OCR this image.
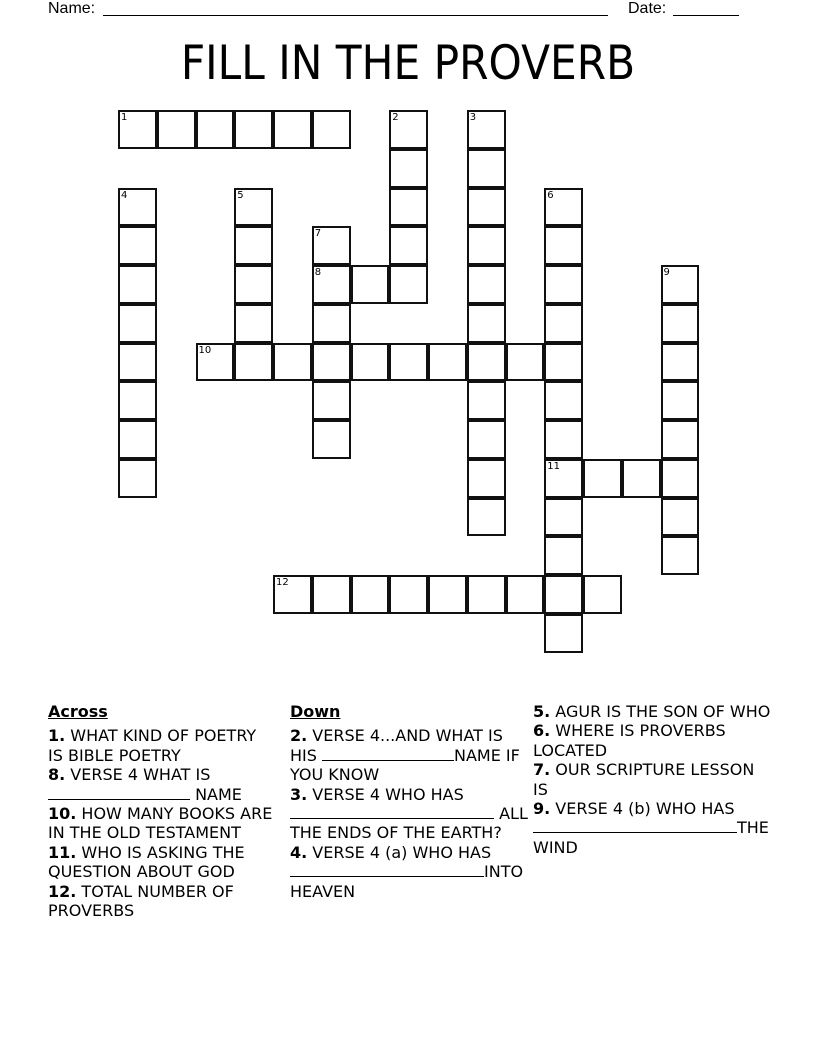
Name:	Date:
FILL IN THE PROVERB
1	2	3
4	5	6
11
7
8	9
10
12
Across
1. WHAT KIND OF POETRY IS BIBLE POETRY
8. VERSE 4 WHAT IS  NAME
10. HOW MANY BOOKS ARE IN THE OLD TESTAMENT
11. WHO IS ASKING THE QUESTION ABOUT GOD
12. TOTAL NUMBER OF PROVERBS
Down
2. VERSE 4...AND WHAT IS HIS	NAME IF YOU KNOW
3. VERSE 4 WHO HAS  ALL THE ENDS OF THE EARTH?
4. VERSE 4 (a) WHO HAS INTO HEAVEN
5. AGUR IS THE SON OF WHO
6. WHERE IS PROVERBS LOCATED
7. OUR SCRIPTURE LESSON IS
9. VERSE 4 (b) WHO HAS THE WIND
